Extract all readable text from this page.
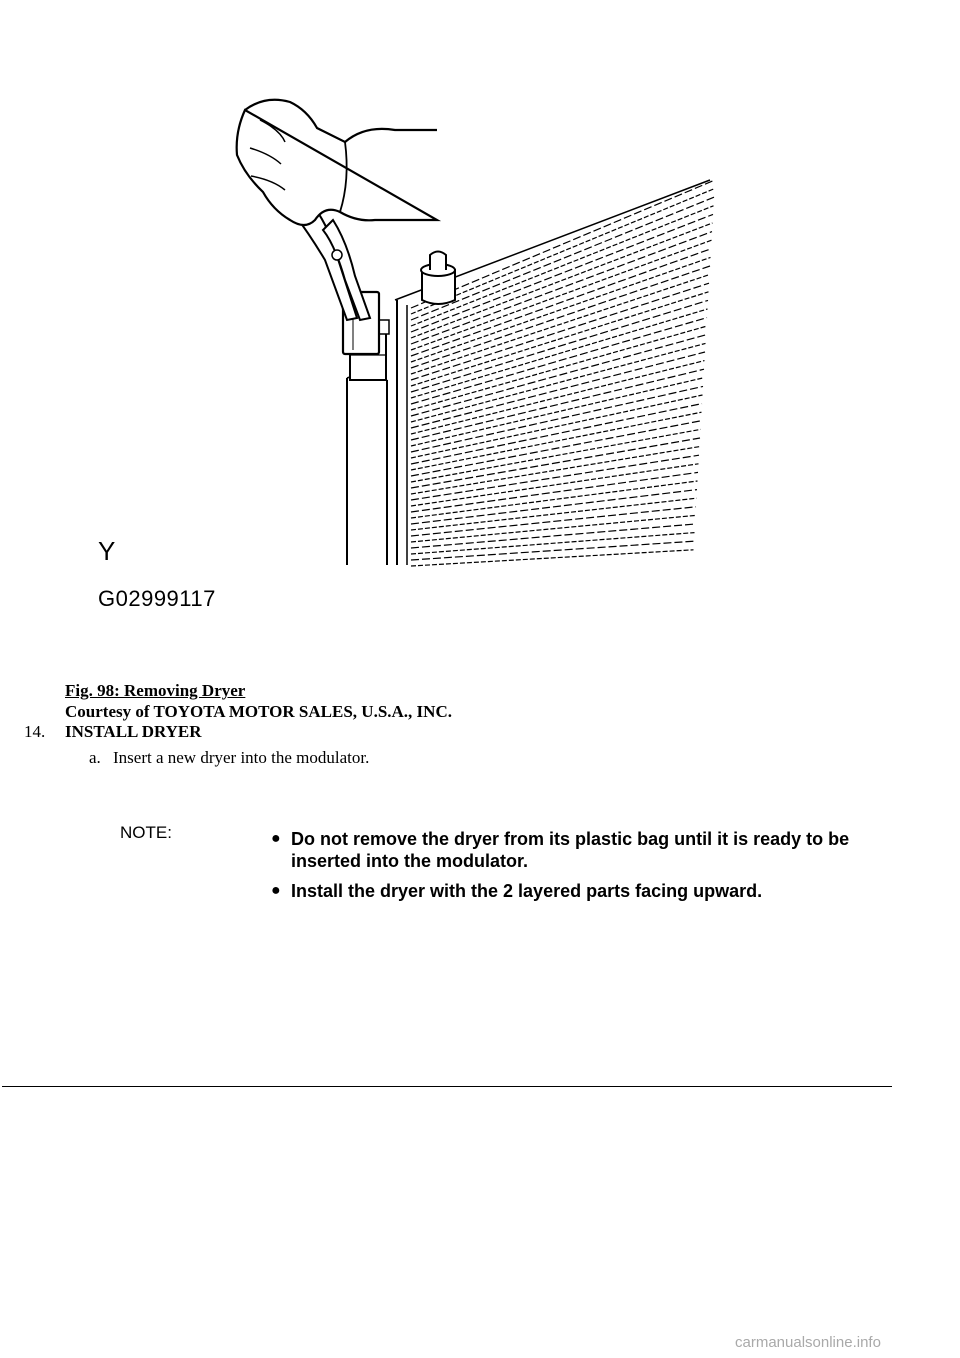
Y
G02999117
Fig. 98: Removing Dryer
Courtesy of TOYOTA MOTOR SALES, U.S.A., INC.
14. INSTALL DRYER
a. Insert a new dryer into the modulator.
NOTE:	● Do not remove the dryer from its plastic bag until it is ready to be inserted into the modulator.
● Install the dryer with the 2 layered parts facing upward.
carmanualsonline.info
